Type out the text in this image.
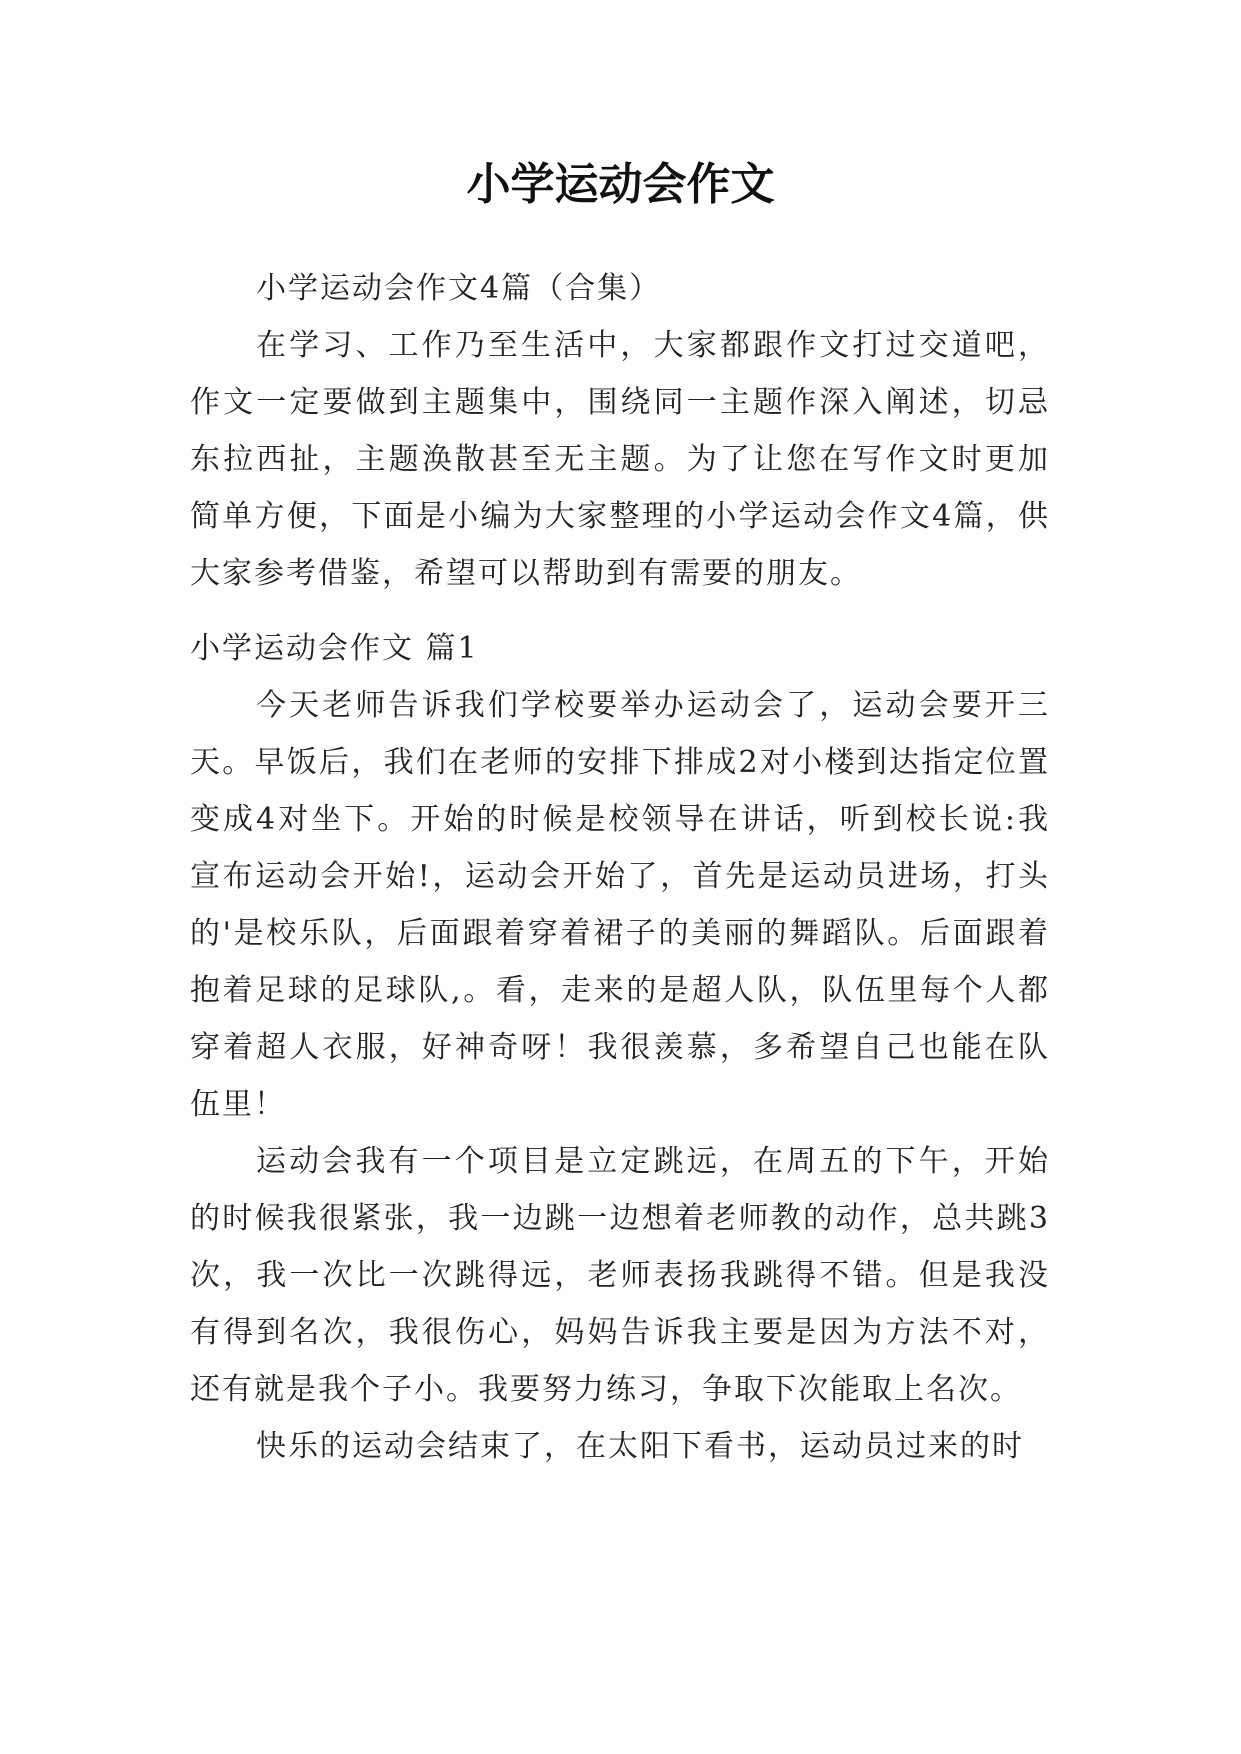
小学运动会作文

小学运动会作文4篇（合集）

在学习、工作乃至生活中，大家都跟作文打过交道吧，作文一定要做到主题集中，围绕同一主题作深入阐述，切忌东拉西扯，主题涣散甚至无主题。为了让您在写作文时更加简单方便，下面是小编为大家整理的小学运动会作文4篇，供大家参考借鉴，希望可以帮助到有需要的朋友。

小学运动会作文 篇1

今天老师告诉我们学校要举办运动会了，运动会要开三天。早饭后，我们在老师的安排下排成2对小楼到达指定位置变成4对坐下。开始的时候是校领导在讲话，听到校长说:我宣布运动会开始!，运动会开始了，首先是运动员进场，打头的'是校乐队，后面跟着穿着裙子的美丽的舞蹈队。后面跟着抱着足球的足球队,。看，走来的是超人队，队伍里每个人都穿着超人衣服，好神奇呀！我很羡慕，多希望自己也能在队伍里！

运动会我有一个项目是立定跳远，在周五的下午，开始的时候我很紧张，我一边跳一边想着老师教的动作，总共跳3次，我一次比一次跳得远，老师表扬我跳得不错。但是我没有得到名次，我很伤心，妈妈告诉我主要是因为方法不对，还有就是我个子小。我要努力练习，争取下次能取上名次。

快乐的运动会结束了，在太阳下看书，运动员过来的时
